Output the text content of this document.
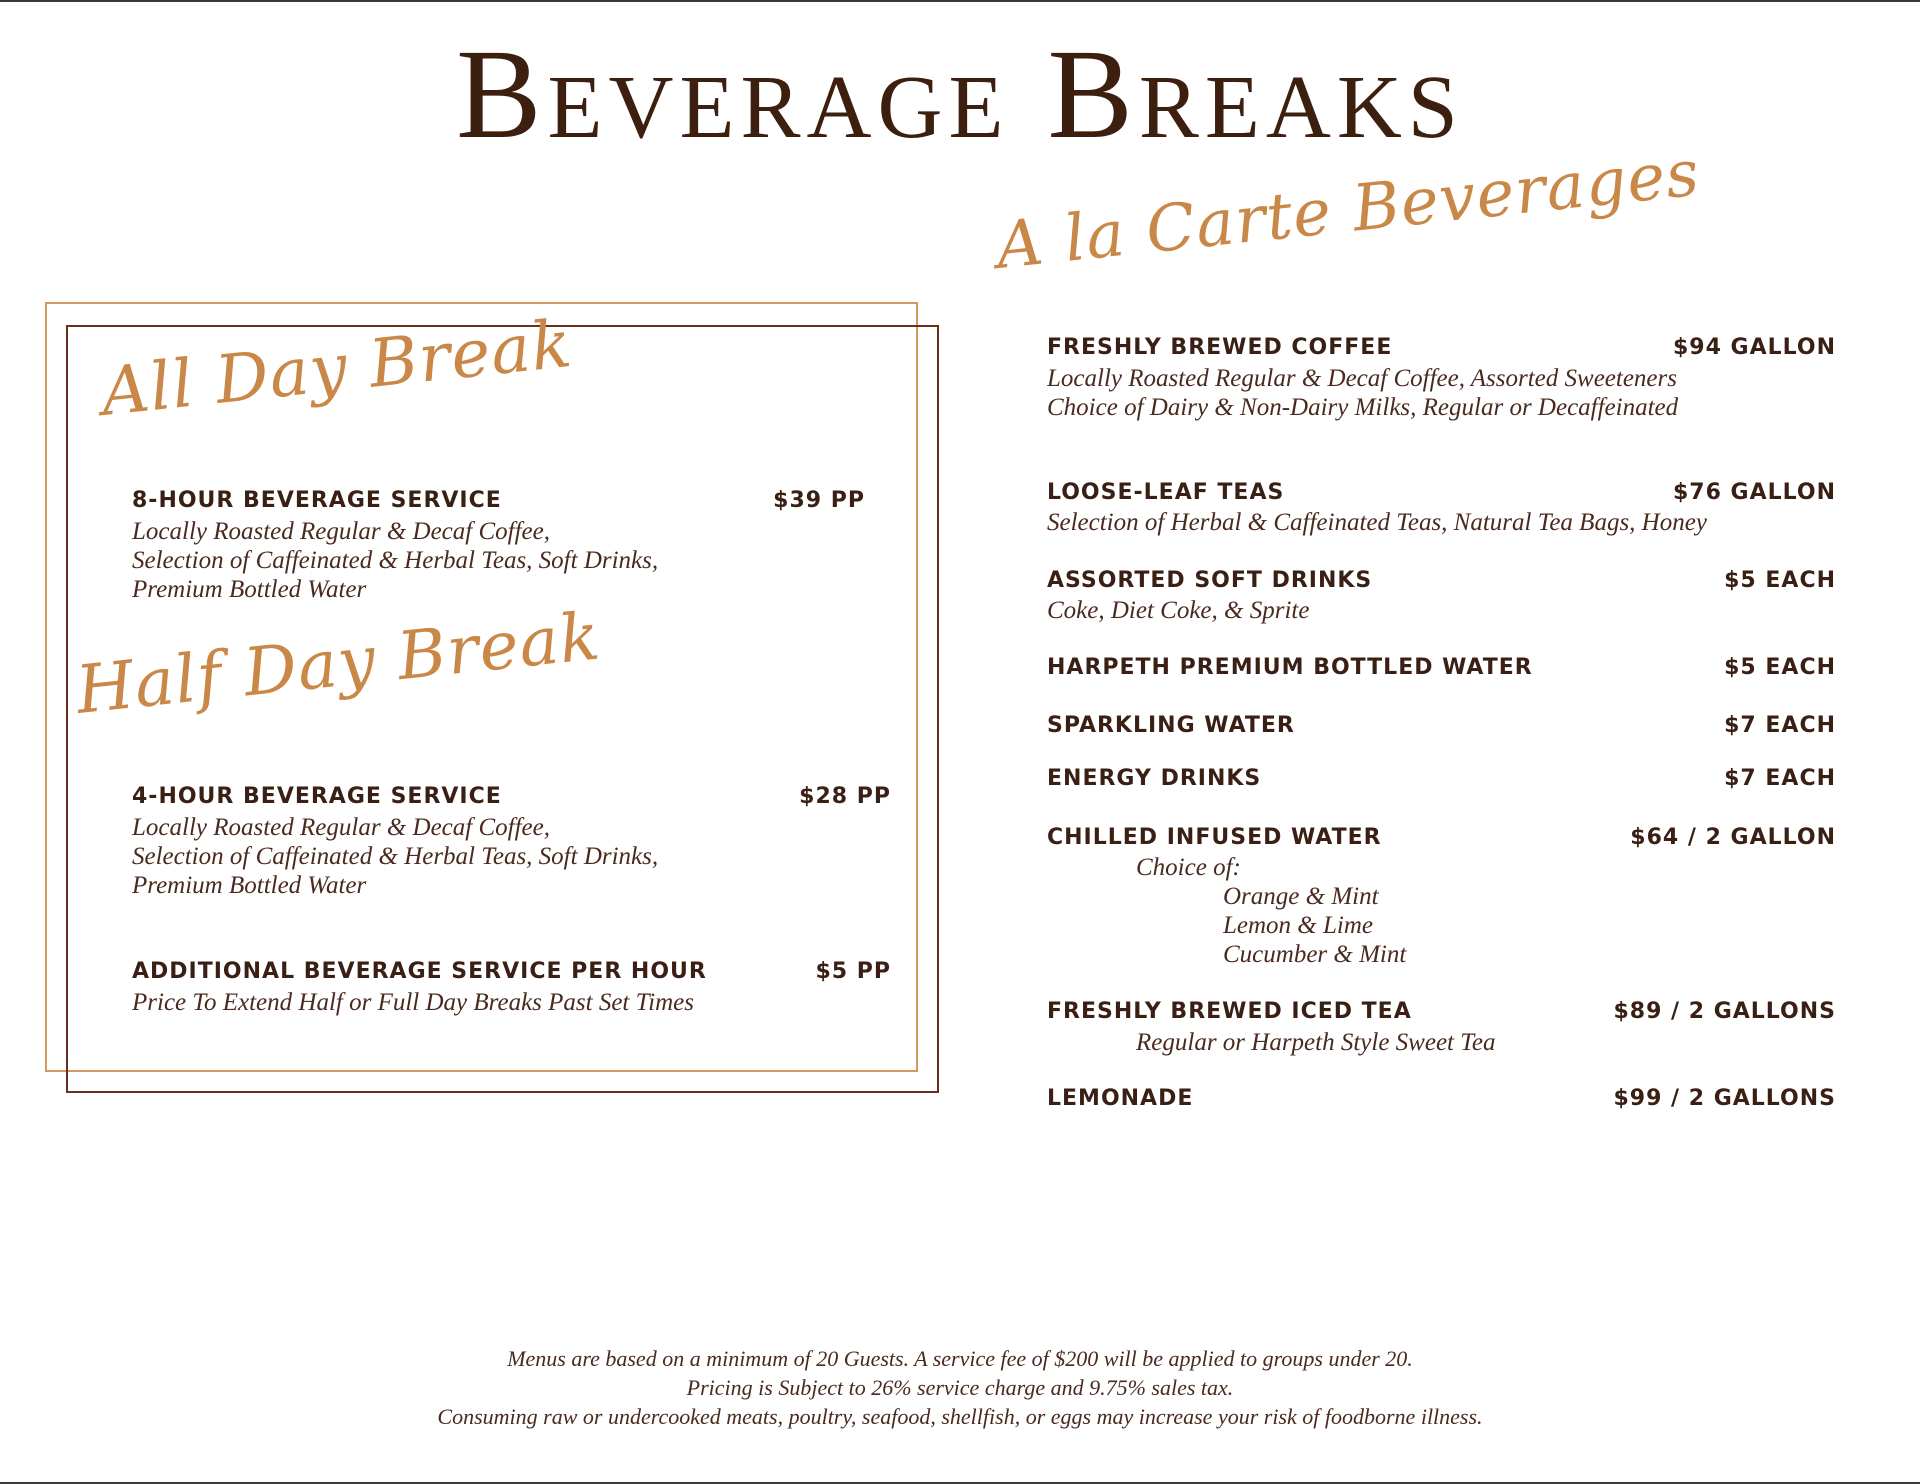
Beverage Breaks
All Day Break
8-HOUR BEVERAGE SERVICE	$39 PP
Locally Roasted Regular & Decaf Coffee,
Selection of Caffeinated & Herbal Teas, Soft Drinks,
Premium Bottled Water
Half Day Break
4-HOUR BEVERAGE SERVICE	$28 PP
Locally Roasted Regular & Decaf Coffee,
Selection of Caffeinated & Herbal Teas, Soft Drinks,
Premium Bottled Water
ADDITIONAL BEVERAGE SERVICE PER HOUR	$5 PP
Price To Extend Half or Full Day Breaks Past Set Times
A la Carte Beverages
FRESHLY BREWED COFFEE	$94 GALLON
Locally Roasted Regular & Decaf Coffee, Assorted Sweeteners
Choice of Dairy & Non-Dairy Milks, Regular or Decaffeinated
LOOSE-LEAF TEAS	$76 GALLON
Selection of Herbal & Caffeinated Teas, Natural Tea Bags, Honey
ASSORTED SOFT DRINKS	$5 EACH
Coke, Diet Coke, & Sprite
HARPETH PREMIUM BOTTLED WATER	$5 EACH
SPARKLING WATER	$7 EACH
ENERGY DRINKS	$7 EACH
CHILLED INFUSED WATER	$64 / 2 GALLON
Choice of:
Orange & Mint
Lemon & Lime
Cucumber & Mint
FRESHLY BREWED ICED TEA	$89 / 2 GALLONS
Regular or Harpeth Style Sweet Tea
LEMONADE	$99 / 2 GALLONS
Menus are based on a minimum of 20 Guests. A service fee of $200 will be applied to groups under 20.
Pricing is Subject to 26% service charge and 9.75% sales tax.
Consuming raw or undercooked meats, poultry, seafood, shellfish, or eggs may increase your risk of foodborne illness.
